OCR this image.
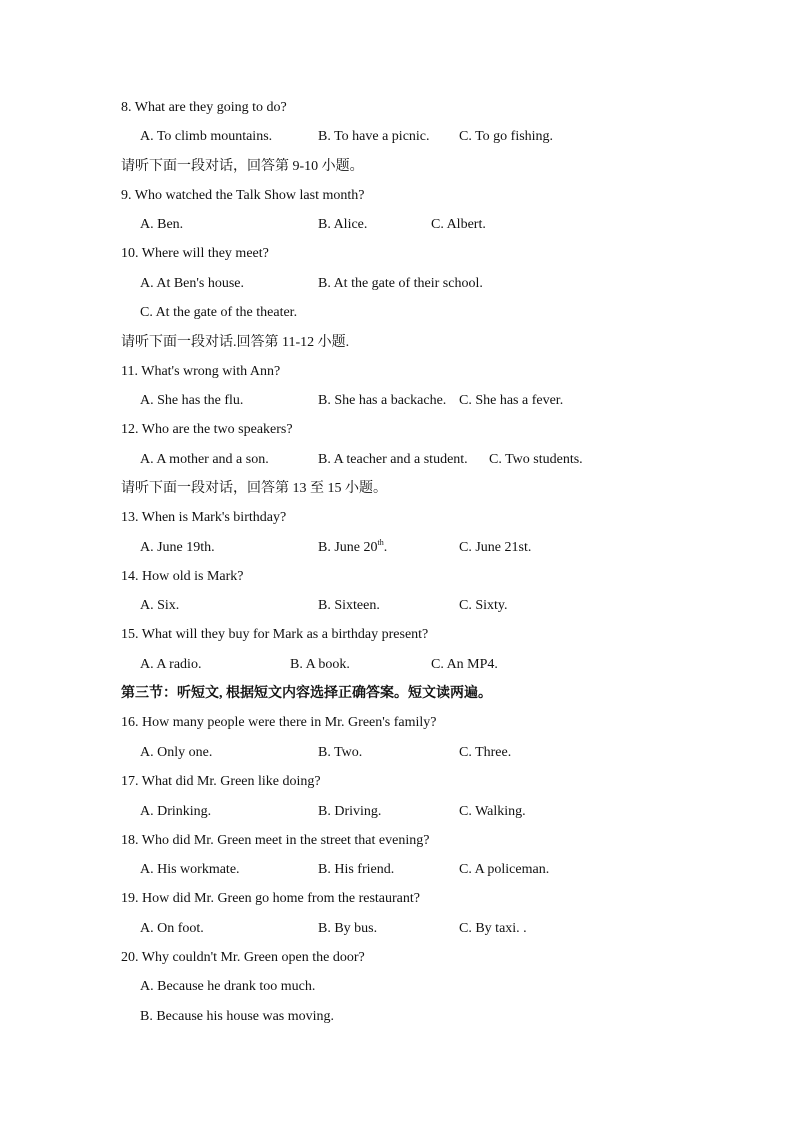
8. What are they going to do?
A. To climb mountains.	B. To have a picnic. C. To go fishing.
请听下面一段对话，回答第 9-10 小题。
9. Who watched the Talk Show last month?
A. Ben.	B. Alice.	C. Albert.
10. Where will they meet?
A. At Ben's house.	B. At the gate of their school.
C. At the gate of the theater.
请听下面一段对话.回答第 11-12 小题.
11. What's wrong with Ann?
A. She has the flu.	B. She has a backache. C. She has a fever.
12. Who are the two speakers?
A. A mother and a son.	B. A teacher and a student. C. Two students.
请听下面一段对话，回答第 13 至 15 小题。
13. When is Mark's birthday?
A. June 19th.	B. June 20th.	C. June 21st.
14. How old is Mark?
A. Six.	B. Sixteen.	C. Sixty.
15. What will they buy for Mark as a birthday present?
A. A radio.	B. A book.	C. An MP4.
第三节：听短文, 根据短文内容选择正确答案。短文读两遍。
16. How many people were there in Mr. Green's family?
A. Only one.	B. Two.	C. Three.
17. What did Mr. Green like doing?
A. Drinking.	B. Driving.	C. Walking.
18. Who did Mr. Green meet in the street that evening?
A. His workmate.	B. His friend.	C. A policeman.
19. How did Mr. Green go home from the restaurant?
A. On foot.	B. By bus.	C. By taxi. .
20. Why couldn't Mr. Green open the door?
A. Because he drank too much.
B. Because his house was moving.
